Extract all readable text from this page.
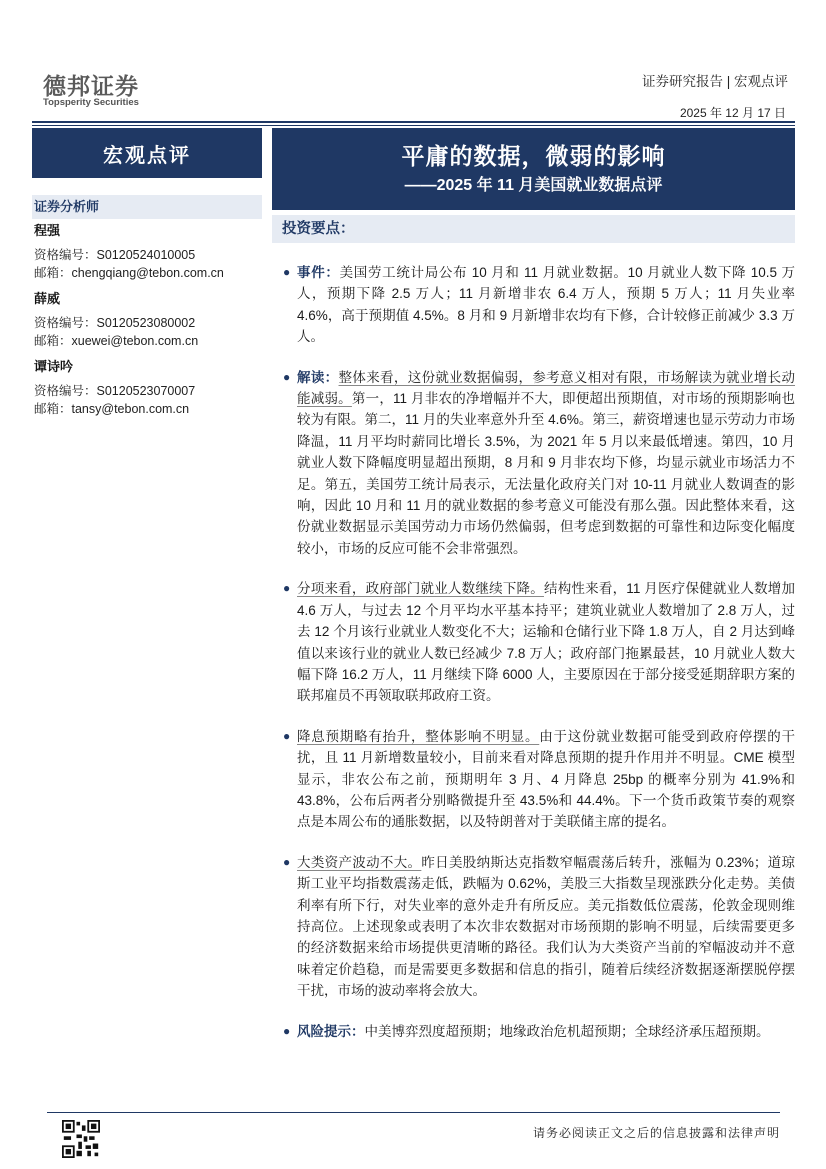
德邦证券
Topsperity Securities
证券研究报告 | 宏观点评
2025 年 12 月 17 日
宏观点评	平庸的数据，微弱的影响
——2025 年 11 月美国就业数据点评
证券分析师
程强
资格编号：S0120524010005
邮箱：chengqiang@tebon.com.cn
薛威
资格编号：S0120523080002
邮箱：xuewei@tebon.com.cn
谭诗吟
资格编号：S0120523070007
邮箱：tansy@tebon.com.cn
投资要点：
● 事件：美国劳工统计局公布 10 月和 11 月就业数据。10 月就业人数下降 10.5 万人，预期下降 2.5 万人；11 月新增非农 6.4 万人，预期 5 万人；11 月失业率 4.6%，高于预期值 4.5%。8 月和 9 月新增非农均有下修，合计较修正前减少 3.3 万人。
● 解读：整体来看，这份就业数据偏弱，参考意义相对有限，市场解读为就业增长动能减弱。第一，11 月非农的净增幅并不大，即便超出预期值，对市场的预期影响也较为有限。第二，11 月的失业率意外升至 4.6%。第三，薪资增速也显示劳动力市场降温，11 月平均时薪同比增长 3.5%，为 2021 年 5 月以来最低增速。第四，10 月就业人数下降幅度明显超出预期，8 月和 9 月非农均下修，均显示就业市场活力不足。第五，美国劳工统计局表示，无法量化政府关门对 10-11 月就业人数调查的影响，因此 10 月和 11 月的就业数据的参考意义可能没有那么强。因此整体来看，这份就业数据显示美国劳动力市场仍然偏弱，但考虑到数据的可靠性和边际变化幅度较小，市场的反应可能不会非常强烈。
● 分项来看，政府部门就业人数继续下降。结构性来看，11 月医疗保健就业人数增加 4.6 万人，与过去 12 个月平均水平基本持平；建筑业就业人数增加了 2.8 万人，过去 12 个月该行业就业人数变化不大；运输和仓储行业下降 1.8 万人，自 2 月达到峰值以来该行业的就业人数已经减少 7.8 万人；政府部门拖累最甚，10 月就业人数大幅下降 16.2 万人，11 月继续下降 6000 人，主要原因在于部分接受延期辞职方案的联邦雇员不再领取联邦政府工资。
● 降息预期略有抬升，整体影响不明显。由于这份就业数据可能受到政府停摆的干扰，且 11 月新增数量较小，目前来看对降息预期的提升作用并不明显。CME 模型显示，非农公布之前，预期明年 3 月、4 月降息 25bp 的概率分别为 41.9%和 43.8%，公布后两者分别略微提升至 43.5%和 44.4%。下一个货币政策节奏的观察点是本周公布的通胀数据，以及特朗普对于美联储主席的提名。
● 大类资产波动不大。昨日美股纳斯达克指数窄幅震荡后转升，涨幅为 0.23%；道琼斯工业平均指数震荡走低，跌幅为 0.62%，美股三大指数呈现涨跌分化走势。美债利率有所下行，对失业率的意外走升有所反应。美元指数低位震荡，伦敦金现则维持高位。上述现象或表明了本次非农数据对市场预期的影响不明显，后续需要更多的经济数据来给市场提供更清晰的路径。我们认为大类资产当前的窄幅波动并不意味着定价趋稳，而是需要更多数据和信息的指引，随着后续经济数据逐渐摆脱停摆干扰，市场的波动率将会放大。
● 风险提示：中美博弈烈度超预期；地缘政治危机超预期；全球经济承压超预期。
请务必阅读正文之后的信息披露和法律声明
